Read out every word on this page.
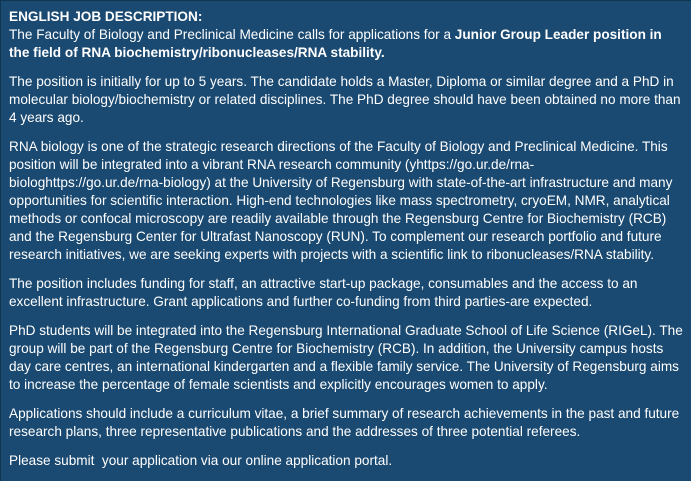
ENGLISH JOB DESCRIPTION:
The Faculty of Biology and Preclinical Medicine calls for applications for a Junior Group Leader position in the field of RNA biochemistry/ribonucleases/RNA stability.

The position is initially for up to 5 years. The candidate holds a Master, Diploma or similar degree and a PhD in molecular biology/biochemistry or related disciplines. The PhD degree should have been obtained no more than 4 years ago.

RNA biology is one of the strategic research directions of the Faculty of Biology and Preclinical Medicine. This position will be integrated into a vibrant RNA research community (yhttps://go.ur.de/rna-biologhttps://go.ur.de/rna-biology) at the University of Regensburg with state-of-the-art infrastructure and many opportunities for scientific interaction. High-end technologies like mass spectrometry, cryoEM, NMR, analytical methods or confocal microscopy are readily available through the Regensburg Centre for Biochemistry (RCB) and the Regensburg Center for Ultrafast Nanoscopy (RUN). To complement our research portfolio and future research initiatives, we are seeking experts with projects with a scientific link to ribonucleases/RNA stability.

The position includes funding for staff, an attractive start-up package, consumables and the access to an excellent infrastructure. Grant applications and further co-funding from third parties-are expected.

PhD students will be integrated into the Regensburg International Graduate School of Life Science (RIGeL). The group will be part of the Regensburg Centre for Biochemistry (RCB). In addition, the University campus hosts day care centres, an international kindergarten and a flexible family service. The University of Regensburg aims to increase the percentage of female scientists and explicitly encourages women to apply.

Applications should include a curriculum vitae, a brief summary of research achievements in the past and future research plans, three representative publications and the addresses of three potential referees.

Please submit  your application via our online application portal.
